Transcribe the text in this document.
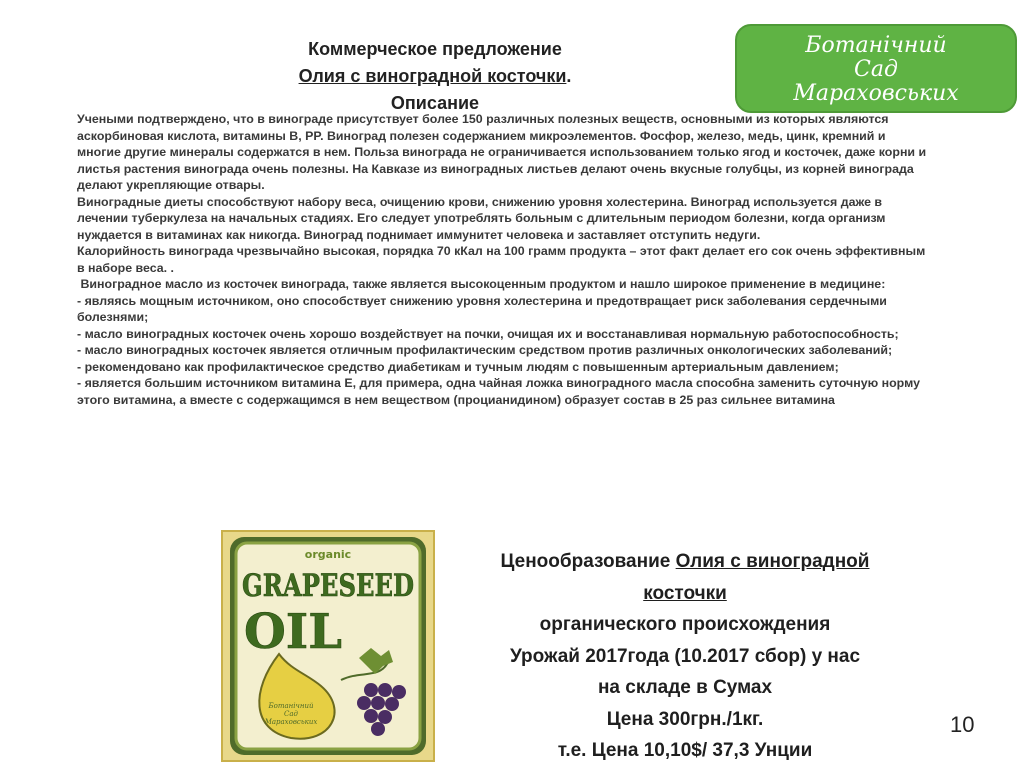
Коммерческое предложение
Олия с виноградной косточки.
Описание
Ботанічний
Сад
Мараховських

Учеными подтверждено, что в винограде присутствует более 150 различных полезных веществ, основными из которых являются аскорбиновая кислота, витамины B, PP. Виноград полезен содержанием микроэлементов. Фосфор, железо, медь, цинк, кремний и многие другие минералы содержатся в нем. Польза винограда не ограничивается использованием только ягод и косточек, даже корни и листья растения винограда очень полезны. На Кавказе из виноградных листьев делают очень вкусные голубцы, из корней винограда делают укрепляющие отвары.

Виноградные диеты способствуют набору веса, очищению крови, снижению уровня холестерина. Виноград используется даже в лечении туберкулеза на начальных стадиях. Его следует употреблять больным с длительным периодом болезни, когда организм нуждается в витаминах как никогда. Виноград поднимает иммунитет человека и заставляет отступить недуги.

Калорийность винограда чрезвычайно высокая, порядка 70 кКал на 100 грамм продукта – этот факт делает его сок очень эффективным в наборе веса. .

Виноградное масло из косточек винограда, также является высокоценным продуктом и нашло широкое применение в медицине:

- являясь мощным источником, оно способствует снижению уровня холестерина и предотвращает риск заболевания сердечными болезнями;

- масло виноградных косточек очень хорошо воздействует на почки, очищая их и восстанавливая нормальную работоспособность;

- масло виноградных косточек является отличным профилактическим средством против различных онкологических заболеваний;

- рекомендовано как профилактическое средство диабетикам и тучным людям с повышенным артериальным давлением;

- является большим источником витамина Е, для примера, одна чайная ложка виноградного масла способна заменить суточную норму этого витамина, а вместе с содержащимся в нем веществом (процианидином) образует состав в 25 раз сильнее витамина

organic
GRAPESEED
OIL
Ботанічний
Сад
Мараховських
Ценообразование Олия с виноградной
косточки
органического происхождения
Урожай 2017года (10.2017 сбор) у нас
на складе в Сумах
Цена 300грн./1кг.
т.е. Цена 10,10$/ 37,3 Унции
10
